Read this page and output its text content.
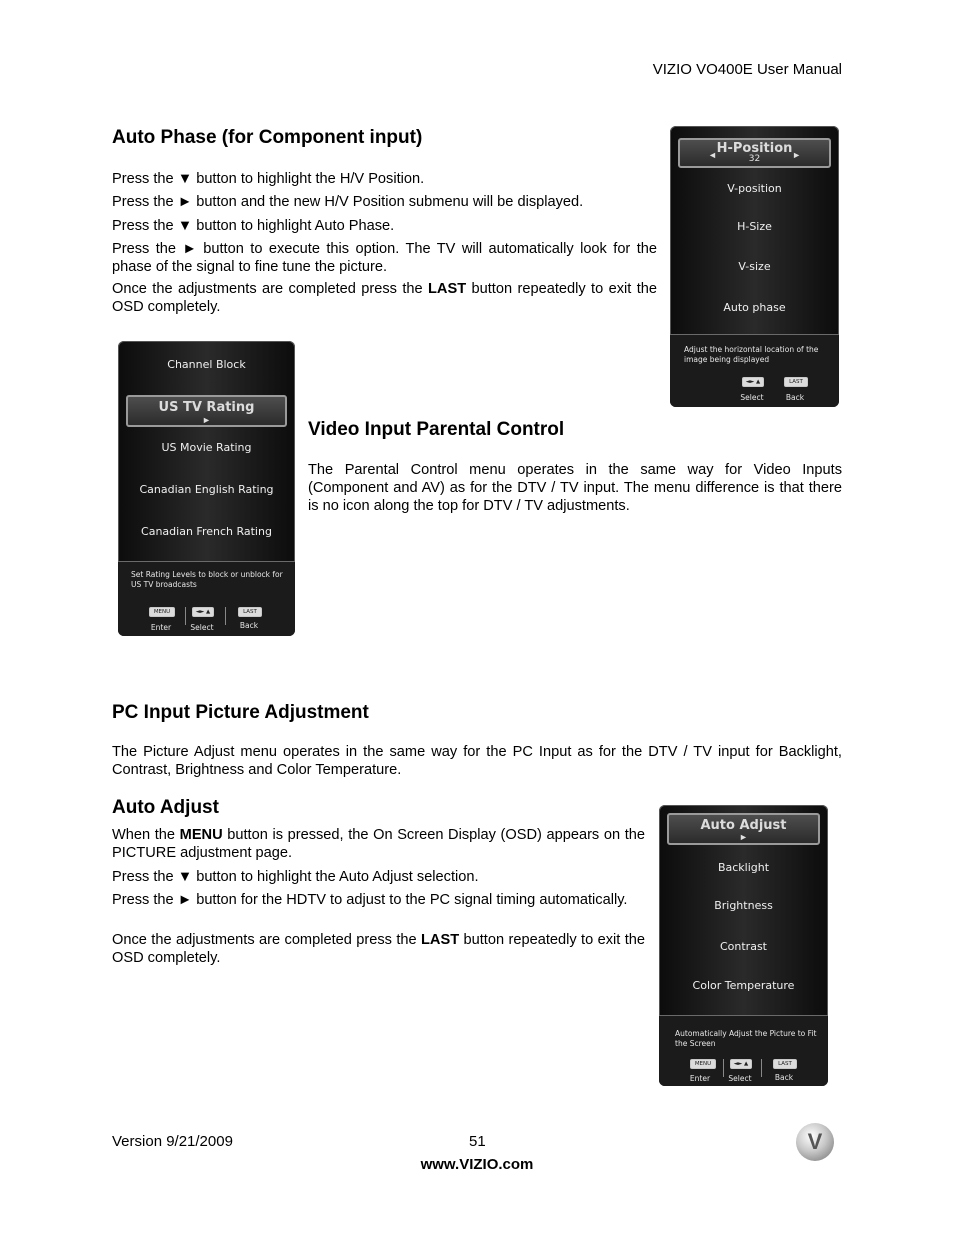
VIZIO VO400E User Manual
Auto Phase (for Component input)

Press the ▼ button to highlight the H/V Position.

Press the ► button and the new H/V Position submenu will be displayed.

Press the ▼ button to highlight Auto Phase.

Press the ► button to execute this option. The TV will automatically look for the phase of the signal to fine tune the picture.

Once the adjustments are completed press the LAST button repeatedly to exit the OSD completely.

H-Position
32
◄	►
V-position
H-Size
V-size
Auto phase
Adjust the horizontal location of the image being displayed
◄► ▲	LAST
Select	Back
Channel Block
US TV Rating
►
US Movie Rating
Canadian English Rating
Canadian French Rating
Set Rating Levels to block or unblock for US TV broadcasts
MENU	◄► ▲	LAST
Enter	Select	Back
Video Input Parental Control

The Parental Control menu operates in the same way for Video Inputs (Component and AV) as for the DTV / TV input. The menu difference is that there is no icon along the top for DTV / TV adjustments.

PC Input Picture Adjustment

The Picture Adjust menu operates in the same way for the PC Input as for the DTV / TV input for Backlight, Contrast, Brightness and Color Temperature.

Auto Adjust

When the MENU button is pressed, the On Screen Display (OSD) appears on the PICTURE adjustment page.

Press the ▼ button to highlight the Auto Adjust selection.

Press the ► button for the HDTV to adjust to the PC signal timing automatically.

Once the adjustments are completed press the LAST button repeatedly to exit the OSD completely.

Auto Adjust
►
Backlight
Brightness
Contrast
Color Temperature
Automatically Adjust the Picture to Fit the Screen
MENU	◄► ▲	LAST
Enter	Select	Back
Version 9/21/2009	51
www.VIZIO.com
V
